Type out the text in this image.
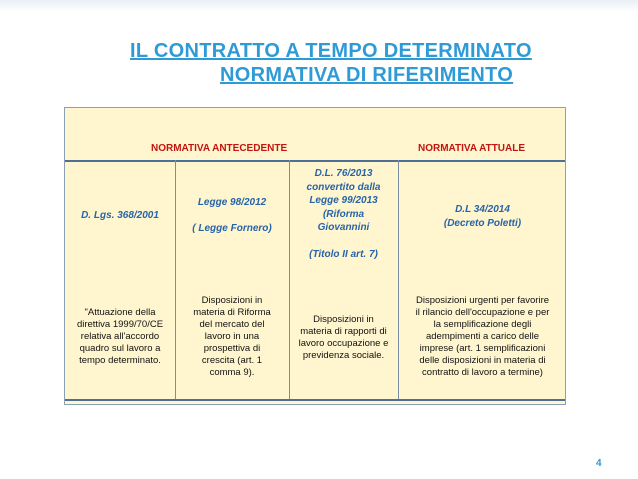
IL CONTRATTO A TEMPO DETERMINATO
NORMATIVA DI RIFERIMENTO

NORMATIVA ANTECEDENTE	NORMATIVA ATTUALE

D. Lgs. 368/2001
"Attuazione della
direttiva 1999/70/CE
relativa all'accordo
quadro sul lavoro a
tempo determinato.
Legge 98/2012
( Legge Fornero)
Disposizioni in
materia di Riforma
del mercato del
lavoro in una
prospettiva di
crescita (art. 1
comma 9).
D.L. 76/2013
convertito dalla
Legge 99/2013
(Riforma
Giovannini
(Titolo II art. 7)
Disposizioni in
materia di rapporti di
lavoro occupazione e
previdenza sociale.
D.L 34/2014
(Decreto Poletti)
Disposizioni urgenti per favorire
il rilancio dell'occupazione e per
la semplificazione degli
adempimenti a carico delle
imprese (art. 1 semplificazioni
delle disposizioni in materia di
contratto di lavoro a termine)

4
